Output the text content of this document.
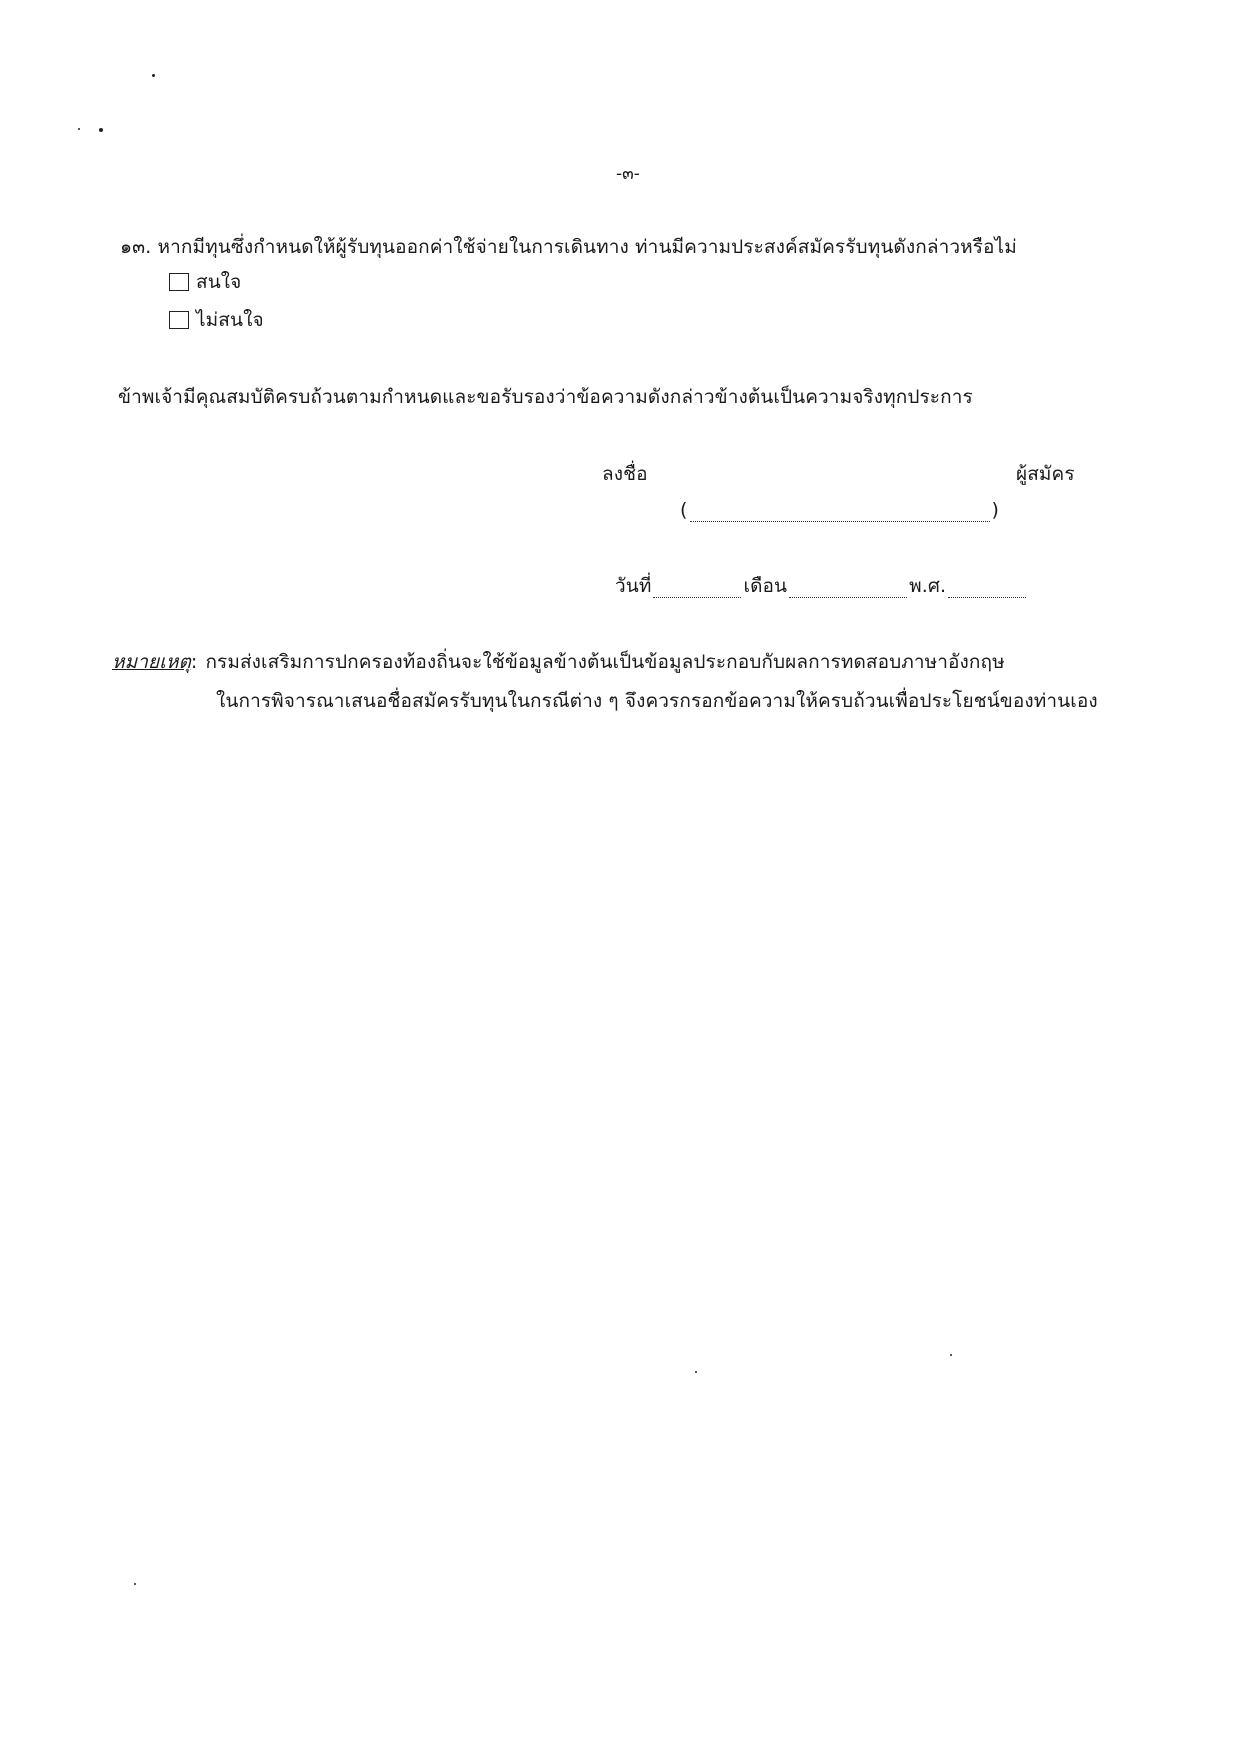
-๓-
๑๓. หากมีทุนซึ่งกำหนดให้ผู้รับทุนออกค่าใช้จ่ายในการเดินทาง ท่านมีความประสงค์สมัครรับทุนดังกล่าวหรือไม่
สนใจ
ไม่สนใจ
ข้าพเจ้ามีคุณสมบัติครบถ้วนตามกำหนดและขอรับรองว่าข้อความดังกล่าวข้างต้นเป็นความจริงทุกประการ
ลงชื่อ	ผู้สมัคร
(	)
วันที่	เดือน	พ.ศ.
หมายเหตุ : กรมส่งเสริมการปกครองท้องถิ่นจะใช้ข้อมูลข้างต้นเป็นข้อมูลประกอบกับผลการทดสอบภาษาอังกฤษ
ในการพิจารณาเสนอชื่อสมัครรับทุนในกรณีต่าง ๆ จึงควรกรอกข้อความให้ครบถ้วนเพื่อประโยชน์ของท่านเอง
